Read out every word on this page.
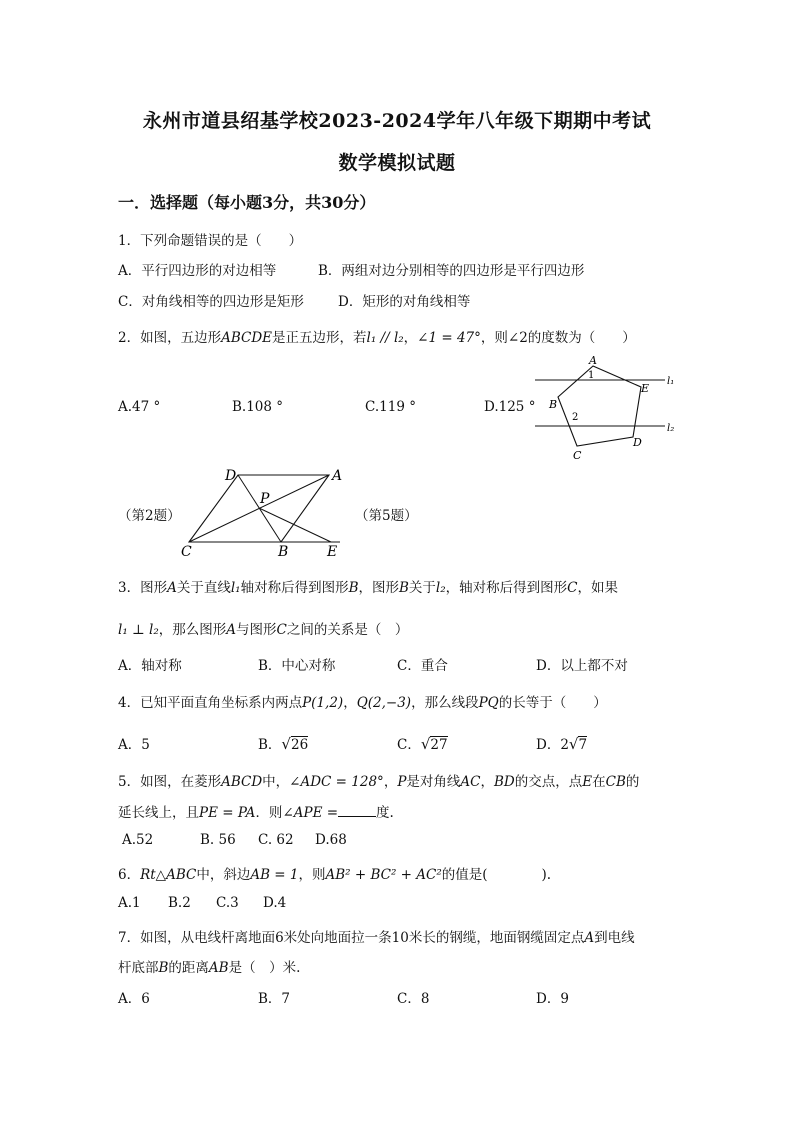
永州市道县绍基学校2023-2024学年八年级下期期中考试
数学模拟试题
一．选择题（每小题3分，共30分）
1．下列命题错误的是（　　）
A．平行四边形的对边相等	B．两组对边分别相等的四边形是平行四边形
C．对角线相等的四边形是矩形	D．矩形的对角线相等
2．如图，五边形ABCDE是正五边形，若l₁ // l₂，∠1 = 47°，则∠2的度数为（　　）
A.47 °	B.108 °	C.119 °	D.125 °
A
E
B
C
D
1
2
l₁
l₂
D	A
P
C	B	E
（第2题）	（第5题）
3．图形A关于直线l₁轴对称后得到图形B，图形B关于l₂，轴对称后得到图形C，如果
l₁ ⊥ l₂，那么图形A与图形C之间的关系是（　）
A．轴对称	B．中心对称	C．重合	D．以上都不对
4．已知平面直角坐标系内两点P(1,2)，Q(2,−3)，那么线段PQ的长等于（　　）
A．5	B．√26	C．√27	D．2√7
5．如图，在菱形ABCD中，∠ADC = 128°，P是对角线AC，BD的交点，点E在CB的
延长线上，且PE = PA．则∠APE =	度.
A.52	B. 56 C. 62 D.68
6．Rt△ABC中，斜边AB = 1，则AB² + BC² + AC²的值是(　　　　).
A.1 B.2 C.3 D.4
7．如图，从电线杆离地面6米处向地面拉一条10米长的钢缆，地面钢缆固定点A到电线
杆底部B的距离AB是（　）米.
A．6	B．7	C．8	D．9
